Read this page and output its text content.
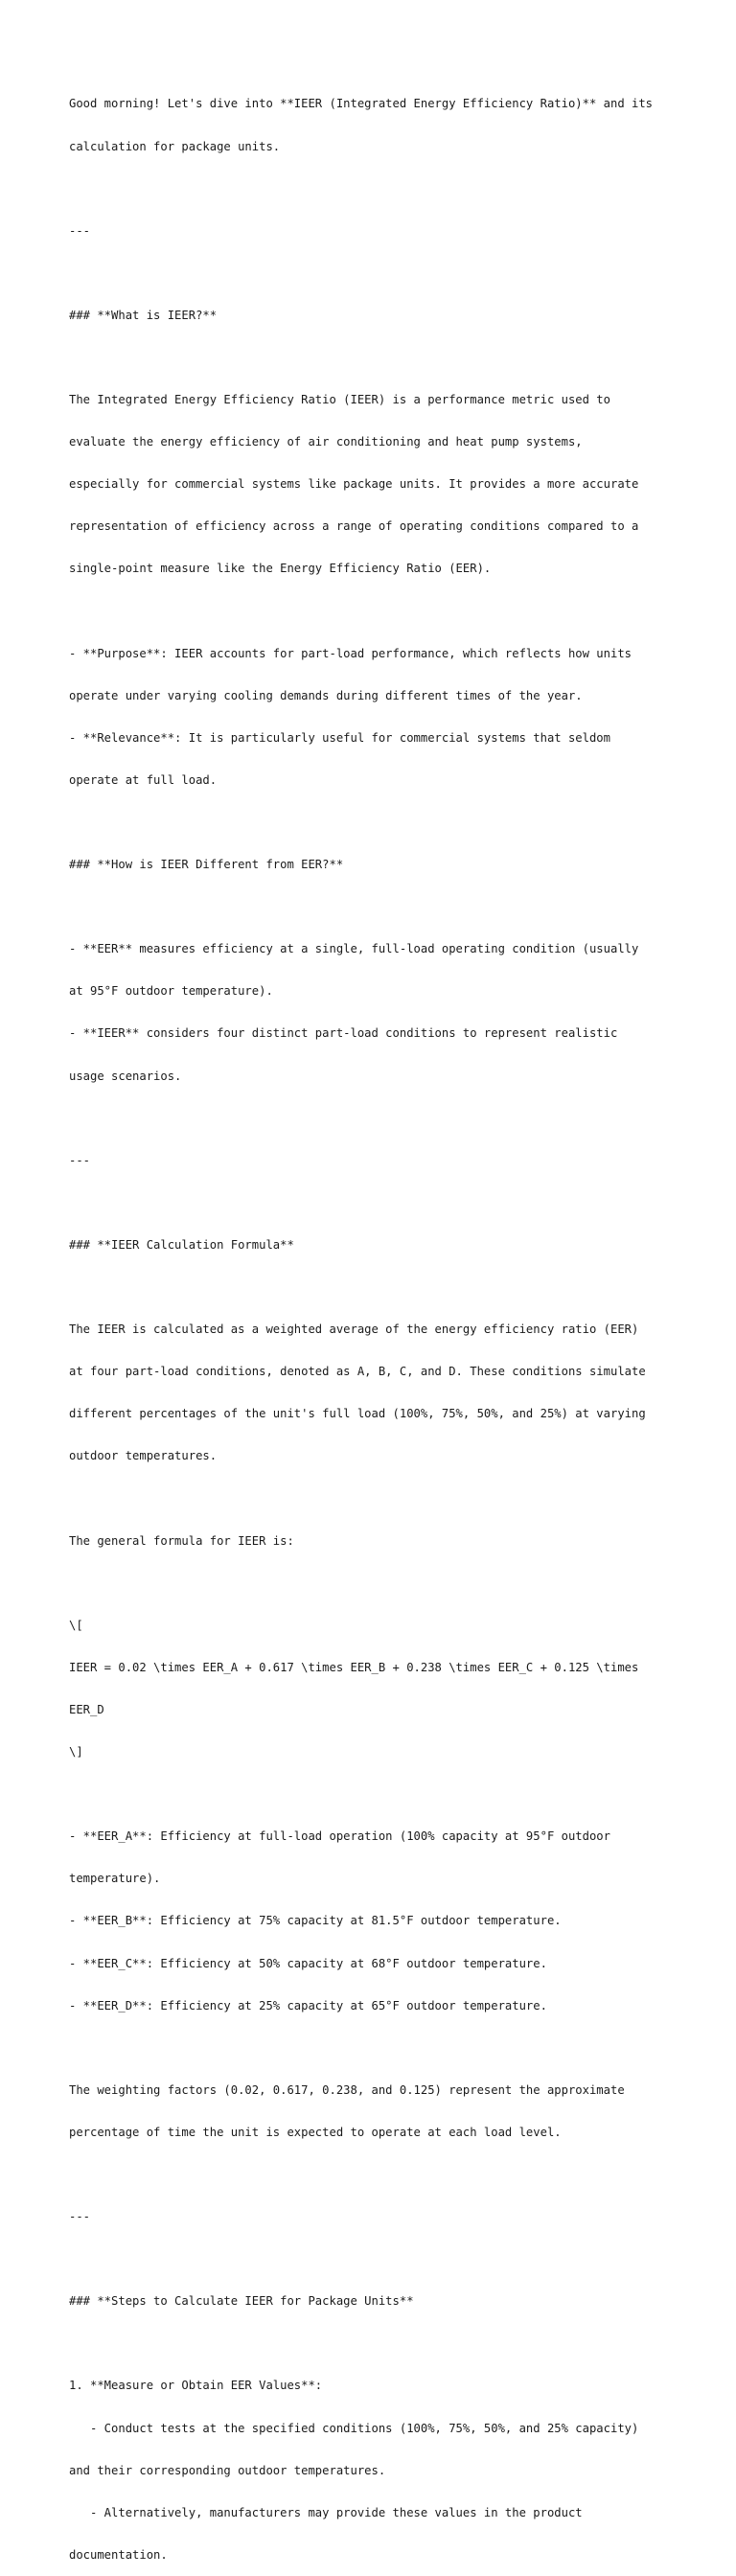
Good morning! Let's dive into **IEER (Integrated Energy Efficiency Ratio)** and its

calculation for package units.

---

### **What is IEER?**

The Integrated Energy Efficiency Ratio (IEER) is a performance metric used to

evaluate the energy efficiency of air conditioning and heat pump systems,

especially for commercial systems like package units. It provides a more accurate

representation of efficiency across a range of operating conditions compared to a

single-point measure like the Energy Efficiency Ratio (EER).

- **Purpose**: IEER accounts for part-load performance, which reflects how units

operate under varying cooling demands during different times of the year.

- **Relevance**: It is particularly useful for commercial systems that seldom

operate at full load.

### **How is IEER Different from EER?**

- **EER** measures efficiency at a single, full-load operating condition (usually

at 95°F outdoor temperature).

- **IEER** considers four distinct part-load conditions to represent realistic

usage scenarios.

---

### **IEER Calculation Formula**

The IEER is calculated as a weighted average of the energy efficiency ratio (EER)

at four part-load conditions, denoted as A, B, C, and D. These conditions simulate

different percentages of the unit's full load (100%, 75%, 50%, and 25%) at varying

outdoor temperatures.

The general formula for IEER is:

\[

IEER = 0.02 \times EER_A + 0.617 \times EER_B + 0.238 \times EER_C + 0.125 \times

EER_D

\]

- **EER_A**: Efficiency at full-load operation (100% capacity at 95°F outdoor

temperature).

- **EER_B**: Efficiency at 75% capacity at 81.5°F outdoor temperature.

- **EER_C**: Efficiency at 50% capacity at 68°F outdoor temperature.

- **EER_D**: Efficiency at 25% capacity at 65°F outdoor temperature.

The weighting factors (0.02, 0.617, 0.238, and 0.125) represent the approximate

percentage of time the unit is expected to operate at each load level.

---

### **Steps to Calculate IEER for Package Units**

1. **Measure or Obtain EER Values**:

- Conduct tests at the specified conditions (100%, 75%, 50%, and 25% capacity)

and their corresponding outdoor temperatures.

- Alternatively, manufacturers may provide these values in the product

documentation.
